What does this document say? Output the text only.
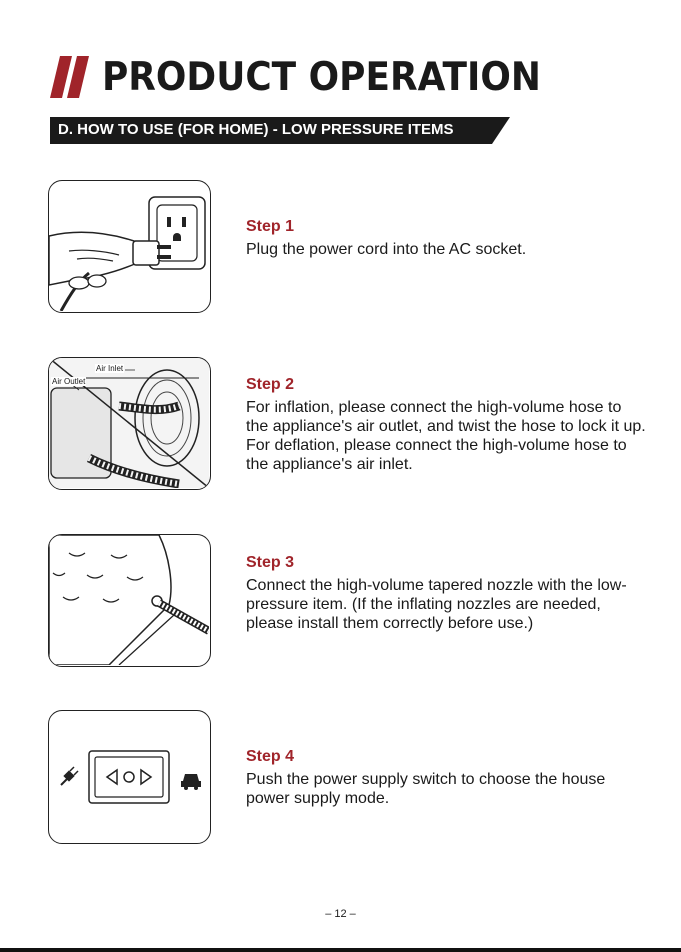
PRODUCT OPERATION
D. HOW TO USE (FOR HOME) - LOW PRESSURE ITEMS
Step 1
Plug the power cord into the AC socket.
Air Inlet
Air Outlet	Step 2
For inflation, please connect the high-volume hose to the appliance's air outlet, and twist the hose to lock it up. For deflation, please connect the high-volume hose to the appliance's air inlet.
Step 3
Connect the high-volume tapered nozzle with the low-pressure item. (If the inflating nozzles are needed, please install them correctly before use.)
Step 4
Push the power supply switch to choose the house power supply mode.
– 12 –
